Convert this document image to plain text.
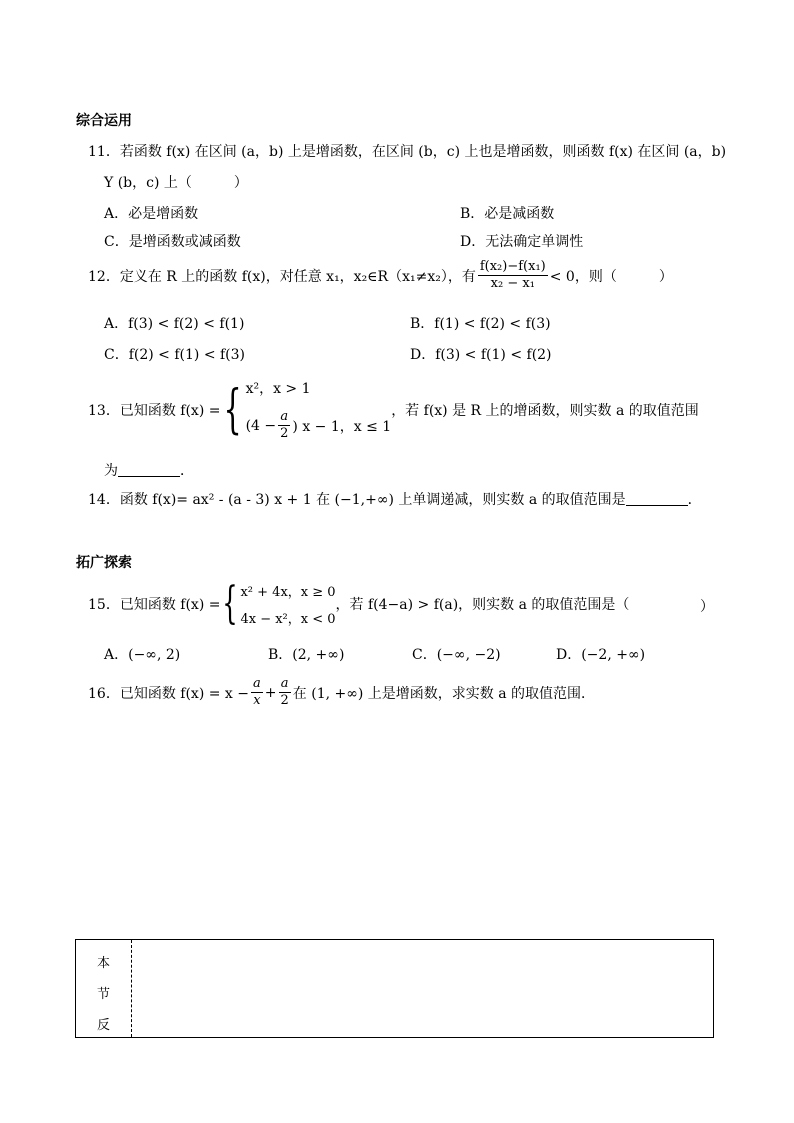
综合运用
11．若函数 f(x) 在区间 (a，b) 上是增函数，在区间 (b，c) 上也是增函数，则函数 f(x) 在区间 (a，b)
Y (b，c) 上（　　　）
A．必是增函数	B．必是减函数
C．是增函数或减函数	D．无法确定单调性
12． 定义在 R 上的函数 f(x)，对任意 x₁，x₂∈R（x₁≠x₂），有 $\frac{\text{f(x₂)−f(x₁)}}{\text{x₂ − x₁}} < 0$，则（　　　）
A．f(3) < f(2) < f(1)	B．f(1) < f(2) < f(3)
C．f(2) < f(1) < f(3)	D．f(3) < f(1) < f(2)
13． 已知函数 f(x) = { x²，x > 1
($4 - \frac{a}{2}$ ) x − 1，x ≤ 1
，若 f(x) 是 R 上的增函数，则实数 a 的取值范围
为	．
14．函数 f(x)= ax² - (a - 3) x + 1 在 (−1,+∞) 上单调递减，则实数 a 的取值范围是	．
拓广探索
15． 已知函数 f(x) = { x² + 4x，x ≥ 0
4x − x²，x < 0
，若 f(4−a) > f(a)，则实数 a 的取值范围是（	）
A．(−∞, 2)	B．(2, +∞)	C．(−∞, −2)	D．(−2, +∞)
16． 已知函数 $f(x) = x - \frac{a}{x} + \frac{a}{2}$ 在 (1, +∞) 上是增函数，求实数 a 的取值范围．
本
节
反
